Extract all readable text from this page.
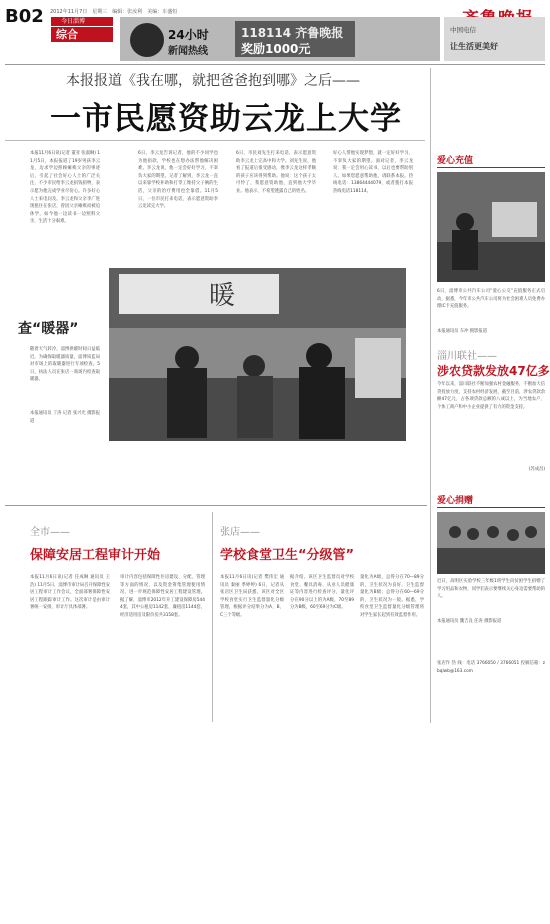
B02 2012年11月7日　星期三　编辑：张汝利　美编：车盛恒
今日淄博
综合	24小时
新闻热线
118114 齐鲁晚报
奖励1000元
中国电信
让生活更美好
本报报道《我在哪，就把爸爸抱到哪》之后——
一市民愿资助云龙上大学
本报11月6日讯(记者 董亚 张淑琳) 11月5日，本报报道了19岁男孩李云龙，边求学边照顾瘫痪父亲的事迹后，引起了社会好心人士的广泛关注，不少市民给李云龙捐钱捐物，表示愿为他完成学业尽份心。许多好心人士来电问及。李云龙和父亲李广进现租住在张店，曾因父亲瘫痪而被迫休学，如今他一边读书一边照料父亲，生活十分艰难。
6日，李云龙告诉记者，他的不少同学也为他捐款，学校也在想办法帮他解决困难。李云龙说，他一定会好好学习，不辜负大家的期望。记者了解到，李云龙一直以来靠学校补助和打零工维持父子俩的生活，父亲的治疗费用也全靠借。11月5日，一位市民打来电话，表示愿意资助李云龙读完大学。
6日，市民刘先生打来电话，表示愿意资助李云龙上完高中和大学。刘先生说，他看了报道后很受感动，像李云龙这样孝顺的孩子应该得到帮助。他说：这个孩子太可怜了，我愿意资助他，直到他大学毕业。他表示，不希望透露自己的姓名。
好心人帮他实现梦想，就一定好好学习，不辜负大家的期望。面对记者，李云龙说：我一定会用心读书，以后也要帮助别人。如果您愿意帮助他，请联系本报。热线电话：13864444079，或者拨打本报热线电话118114。
暖
查“暖器”
随着天气转冷，淄博供暖时间日益临近，为确保取暖器质量，淄博质监局对市场上的取暖器进行专项检查。5日，执法人员在张店一商场内检查取暖器。
本报通讯员 丁涛 记者 张兴光 摄影报道
爱心充值
6日，淄博市公共汽车公司“爱心公交”充值服务正式启动，据悉，今年市公共汽车公司将为社会困难人员免费办理IC卡充值服务。
本报通讯员 车冲 摄影报道
淄川联社——
涉农贷款发放47亿多
今年以来，淄川联社不断加强农村金融服务，不断加大信贷投放力度，支持农村经济发展，截至目前，涉农贷款余额47亿元，占各项贷款总额的八成以上，为当地农户、个体工商户和中小企业提供了有力的资金支持。
(苏成昌)
爱心捐赠
近日，高明区实验学校三年级1班学生向贫困学生捐赠了学习用品和衣物，同学们表示要继续关心身边需要帮助的人。
本报通讯员 魏吉良 任涛 摄影报道
张店作 热 线：电话 3766050 / 3766051 投稿信箱：zbqlwb@163.com
全市——
保障安居工程审计开始
本报11月6日讯(记者 任成琳 通讯员 王浩) 11月5日，淄博市审计局召开保障性安居工程审计工作会议，全面部署保障性安居工程跟踪审计工作。这次审计是由审计署统一安排，审计厅具体部署。
审计内容包括保障性住房建设、分配、管理等方面的情况，以及资金筹集管理使用情况，进一步规范保障性安居工程建设管理。据了解，淄博市2012年开工建设保障房5444套，其中公租房1142套，廉租房1144套，经济适用房及限价房共3158套。
张店——
学校食堂卫生“分级管”
本报11月6日讯(记者 樊伟宏 通讯员 秦丽 季婷婷) 6日，记者从张店区卫生局获悉，该区对全区学校食堂实行卫生监督量化分级管理，根据评分结果分为A、B、C三个等级。
据介绍，该区卫生监督员对学校食堂、餐具消毒、从业人员健康证等内容进行检查评分，量化评分在90分以上的为A级，70至89分为B级，60至69分为C级。
量化为A级，总得分在70—89分的，卫生状况为良好，卫生监督量化为B级；总得分在60—69分的，卫生状况为一般。据悉，学校食堂卫生监督量化分级管理将对学生家长起到有效监督作用。
